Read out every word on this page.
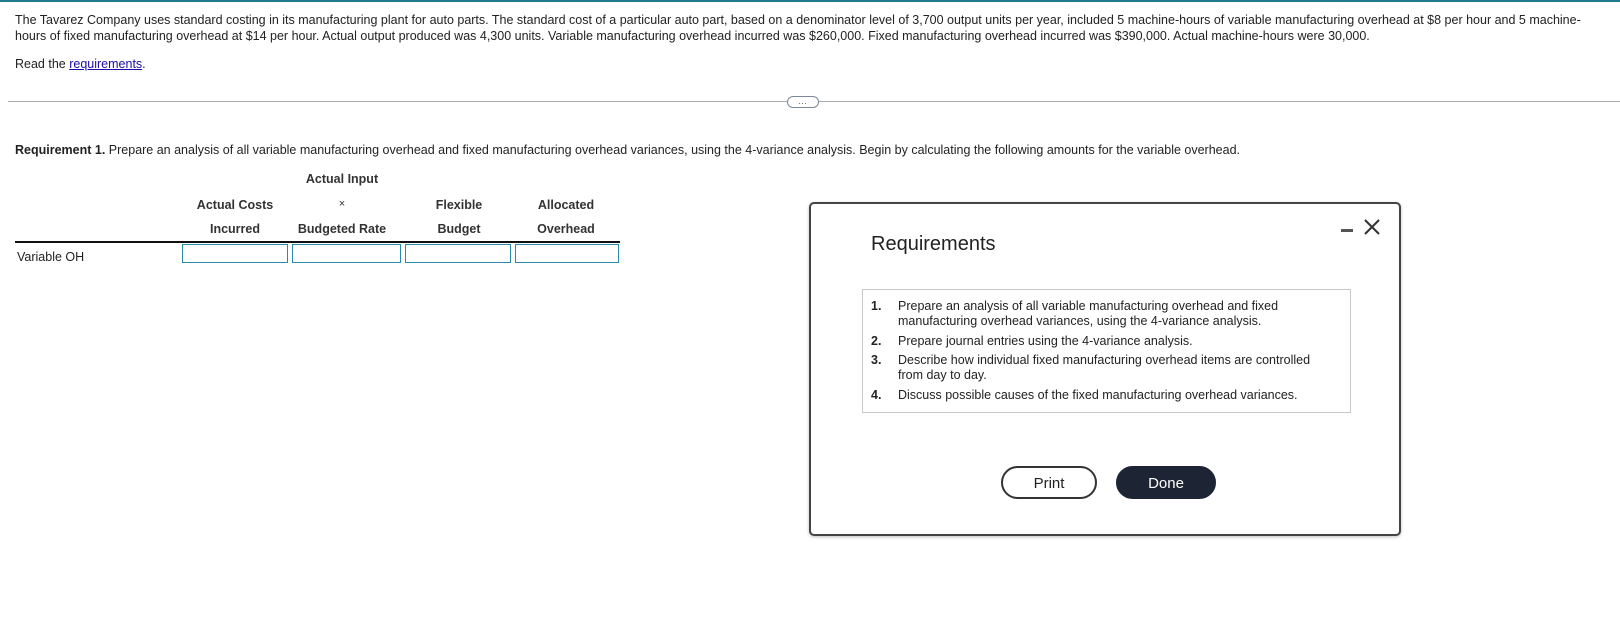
The Tavarez Company uses standard costing in its manufacturing plant for auto parts. The standard cost of a particular auto part, based on a denominator level of 3,700 output units per year, included 5 machine-hours of variable manufacturing overhead at $8 per hour and 5 machine-hours of fixed manufacturing overhead at $14 per hour. Actual output produced was 4,300 units. Variable manufacturing overhead incurred was $260,000. Fixed manufacturing overhead incurred was $390,000. Actual machine-hours were 30,000.
Read the requirements.
…
Requirement 1. Prepare an analysis of all variable manufacturing overhead and fixed manufacturing overhead variances, using the 4-variance analysis. Begin by calculating the following amounts for the variable overhead.
Actual Input
×
Budgeted Rate
Actual Costs
Incurred
Flexible
Budget
Allocated
Overhead
Variable OH
Requirements
1. Prepare an analysis of all variable manufacturing overhead and fixed manufacturing overhead variances, using the 4-variance analysis.
2. Prepare journal entries using the 4-variance analysis.
3. Describe how individual fixed manufacturing overhead items are controlled from day to day.
4. Discuss possible causes of the fixed manufacturing overhead variances.
Print	Done
